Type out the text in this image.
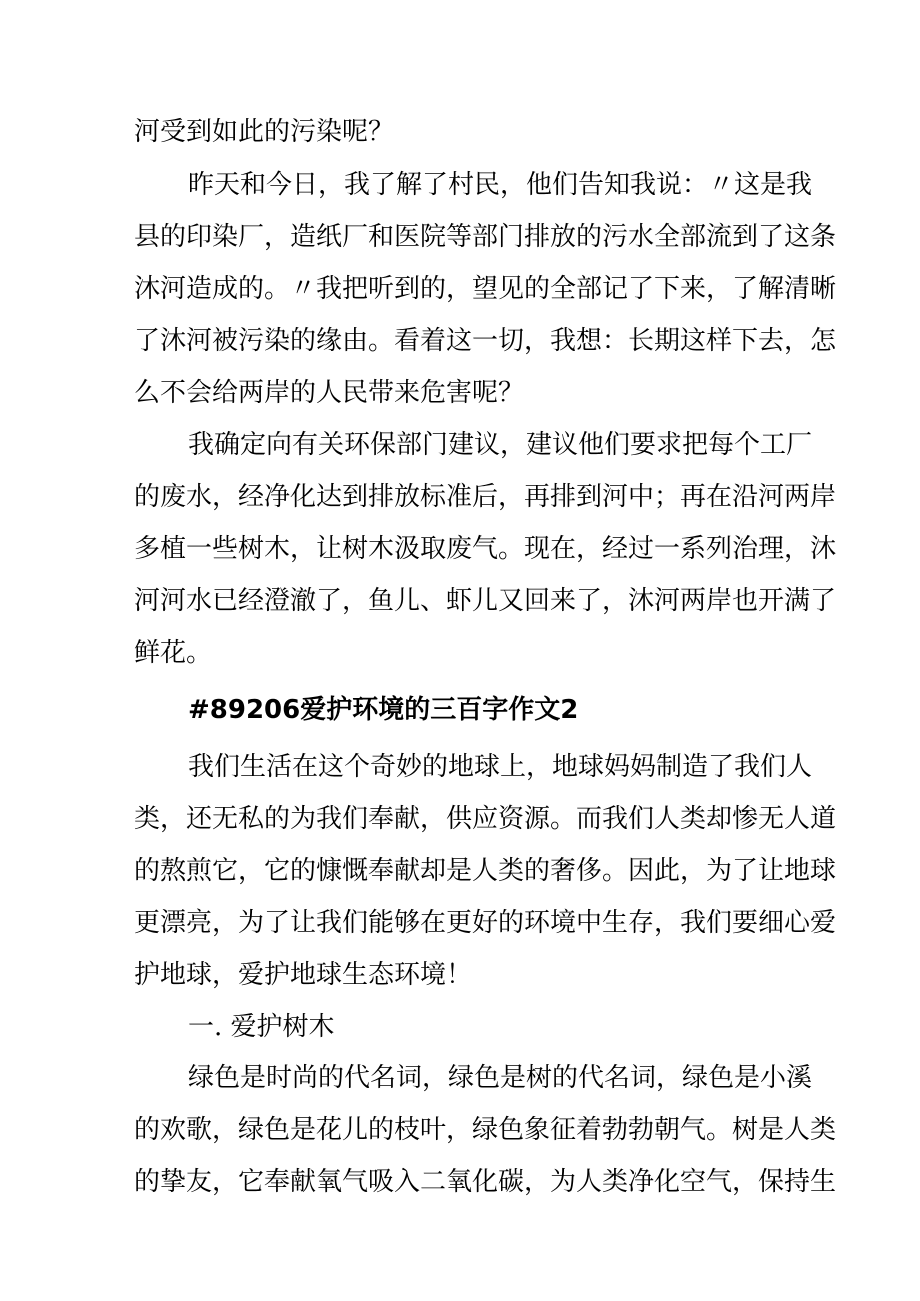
河受到如此的污染呢？
昨天和今日，我了解了村民，他们告知我说：〃这是我
县的印染厂，造纸厂和医院等部门排放的污水全部流到了这条
沐河造成的。〃我把听到的，望见的全部记了下来，了解清晰
了沐河被污染的缘由。看着这一切，我想：长期这样下去，怎
么不会给两岸的人民带来危害呢？
我确定向有关环保部门建议，建议他们要求把每个工厂
的废水，经净化达到排放标准后，再排到河中；再在沿河两岸
多植一些树木，让树木汲取废气。现在，经过一系列治理，沐
河河水已经澄澈了，鱼儿、虾儿又回来了，沐河两岸也开满了
鲜花。
#89206爱护环境的三百字作文2
我们生活在这个奇妙的地球上，地球妈妈制造了我们人
类，还无私的为我们奉献，供应资源。而我们人类却惨无人道
的熬煎它，它的慷慨奉献却是人类的奢侈。因此，为了让地球
更漂亮，为了让我们能够在更好的环境中生存，我们要细心爱
护地球，爱护地球生态环境！
一. 爱护树木
绿色是时尚的代名词，绿色是树的代名词，绿色是小溪
的欢歌，绿色是花儿的枝叶，绿色象征着勃勃朝气。树是人类
的挚友，它奉献氧气吸入二氧化碳，为人类净化空气，保持生
